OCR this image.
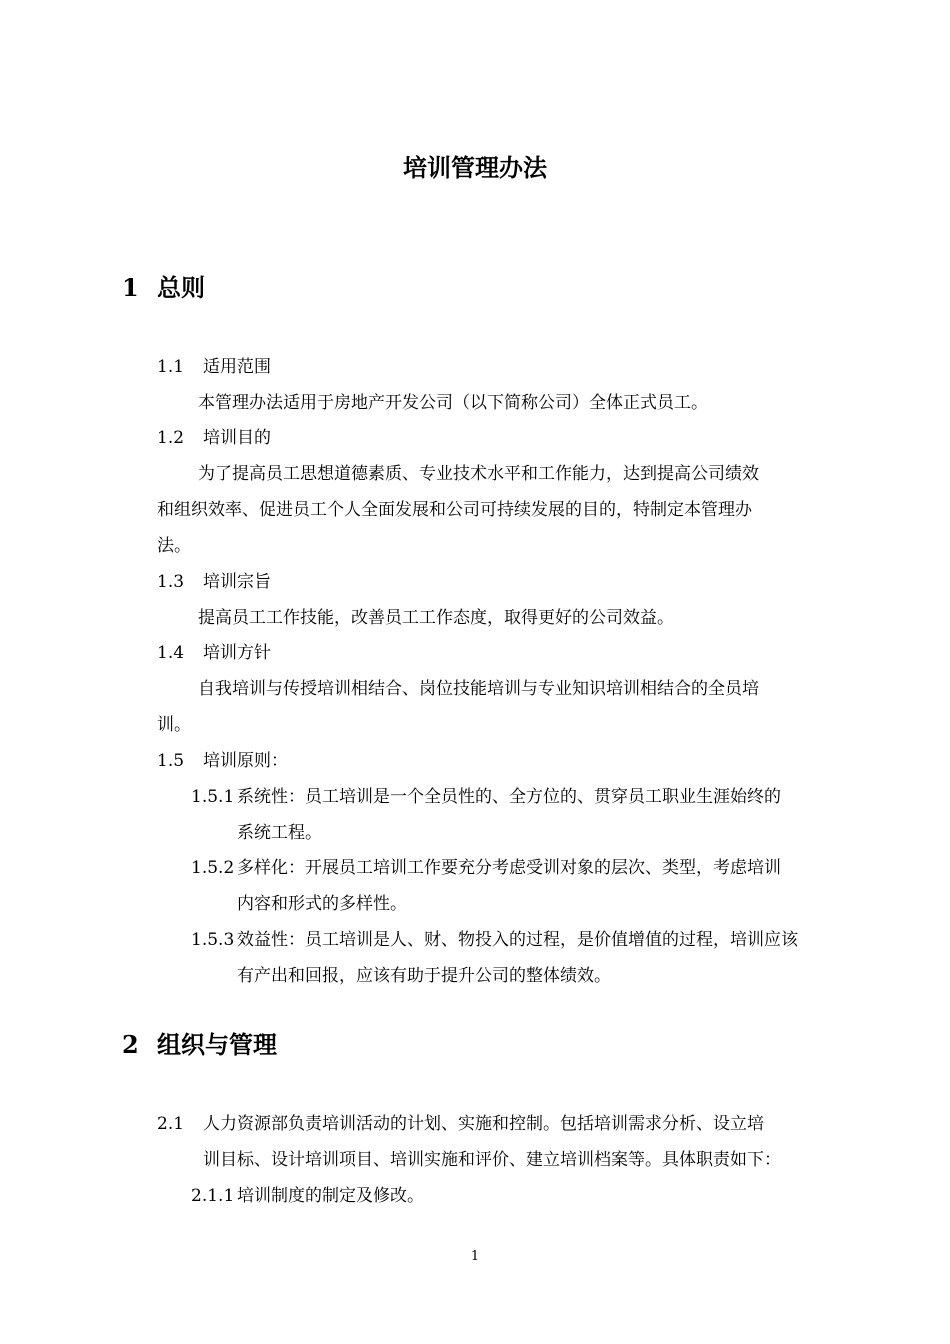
培训管理办法
1 总则
1.1 适用范围
本管理办法适用于房地产开发公司（以下简称公司）全体正式员工。
1.2 培训目的
为了提高员工思想道德素质、专业技术水平和工作能力，达到提高公司绩效
和组织效率、促进员工个人全面发展和公司可持续发展的目的，特制定本管理办
法。
1.3 培训宗旨
提高员工工作技能，改善员工工作态度，取得更好的公司效益。
1.4 培训方针
自我培训与传授培训相结合、岗位技能培训与专业知识培训相结合的全员培
训。
1.5 培训原则：
1.5.1 系统性：员工培训是一个全员性的、全方位的、贯穿员工职业生涯始终的
系统工程。
1.5.2 多样化：开展员工培训工作要充分考虑受训对象的层次、类型，考虑培训
内容和形式的多样性。
1.5.3 效益性：员工培训是人、财、物投入的过程，是价值增值的过程，培训应该
有产出和回报，应该有助于提升公司的整体绩效。
2 组织与管理
2.1 人力资源部负责培训活动的计划、实施和控制。包括培训需求分析、设立培
训目标、设计培训项目、培训实施和评价、建立培训档案等。具体职责如下：
2.1.1 培训制度的制定及修改。
1
